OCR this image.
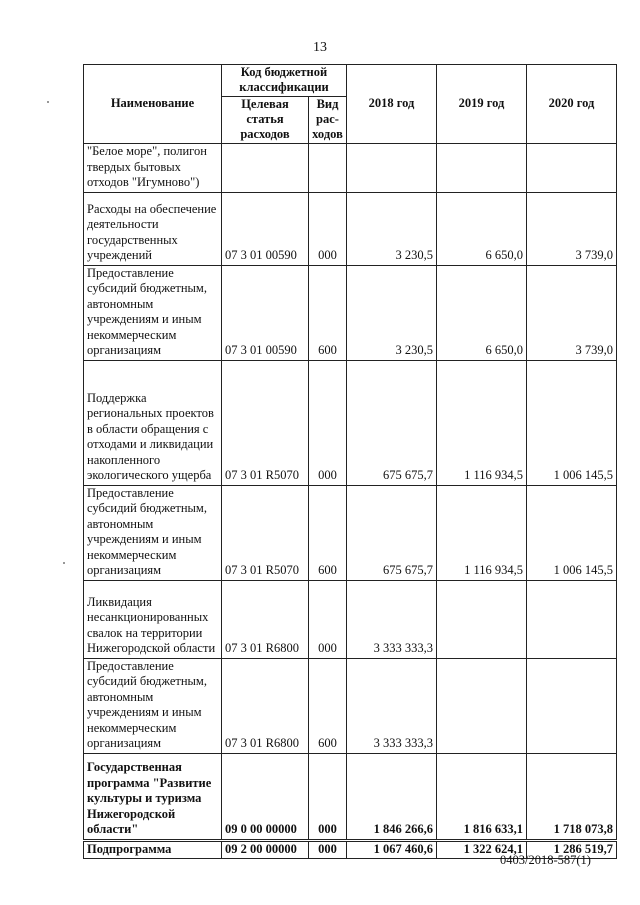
13
Наименование	Код бюджетной классификации		2018 год	2019 год	2020 год
	Целевая статья расходов	Вид рас-ходов			
"Белое море", полигон твердых бытовых отходов "Игумново")					
Расходы на обеспечение деятельности государственных учреждений	07 3 01 00590	000	3 230,5	6 650,0	3 739,0
Предоставление субсидий бюджетным, автономным учреждениям и иным некоммерческим организациям	07 3 01 00590	600	3 230,5	6 650,0	3 739,0
Поддержка региональных проектов в области обращения с отходами и ликвидации накопленного экологического ущерба	07 3 01 R5070	000	675 675,7	1 116 934,5	1 006 145,5
Предоставление субсидий бюджетным, автономным учреждениям и иным некоммерческим организациям	07 3 01 R5070	600	675 675,7	1 116 934,5	1 006 145,5
Ликвидация несанкционированных свалок на территории Нижегородской области	07 3 01 R6800	000	3 333 333,3		
Предоставление субсидий бюджетным, автономным учреждениям и иным некоммерческим организациям	07 3 01 R6800	600	3 333 333,3		
Государственная программа "Развитие культуры и туризма Нижегородской области"	09 0 00 00000	000	1 846 266,6	1 816 633,1	1 718 073,8
Подпрограмма	09 2 00 00000	000	1 067 460,6	1 322 624,1	1 286 519,7
0403/2018-587(1)
